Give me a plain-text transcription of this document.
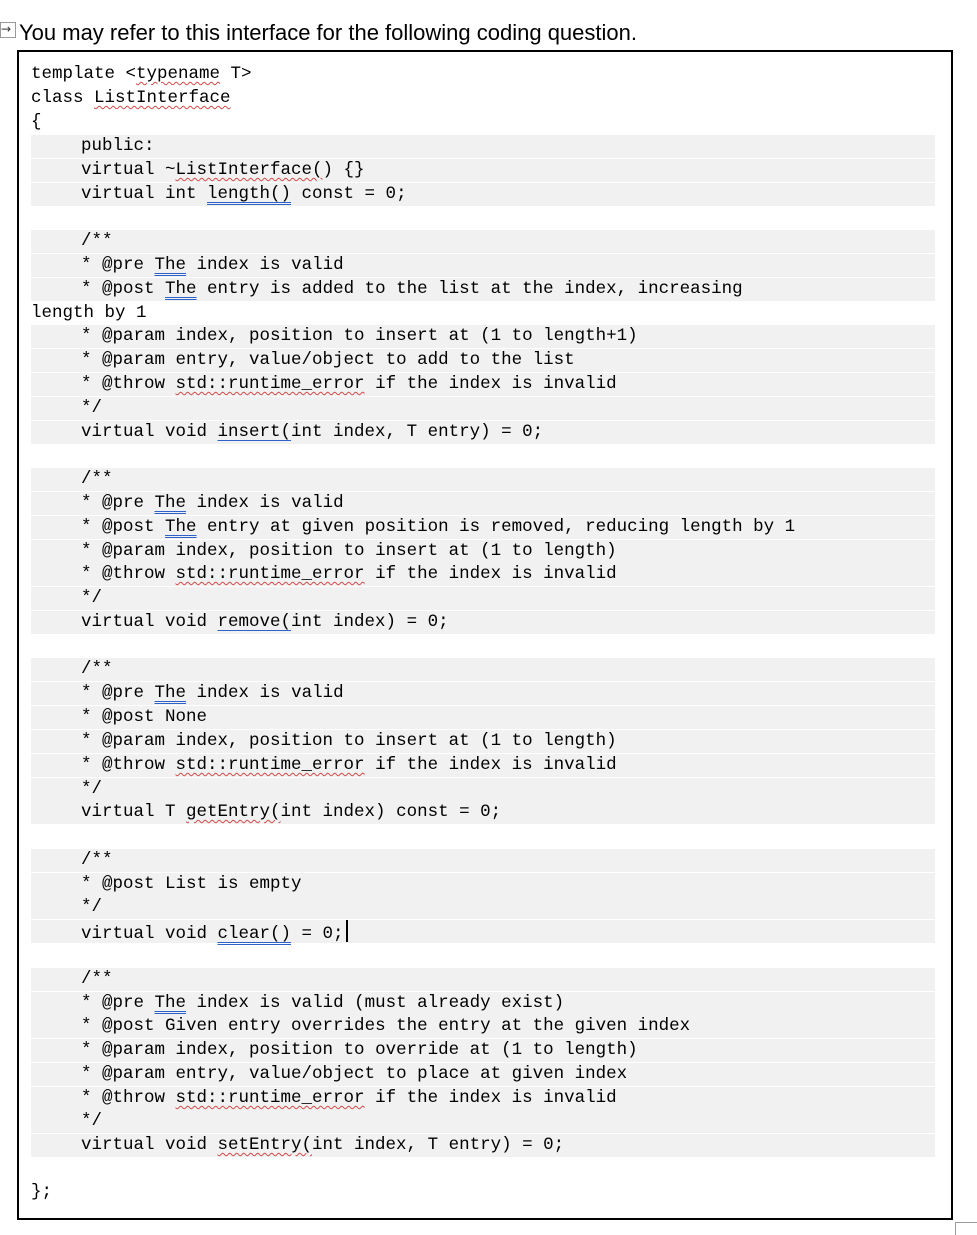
→ You may refer to this interface for the following coding question.
template <typename T>
class ListInterface
{
public:
virtual ~ListInterface() {}
virtual int length() const = 0;
/**
* @pre The index is valid
* @post The entry is added to the list at the index, increasing
length by 1
* @param index, position to insert at (1 to length+1)
* @param entry, value/object to add to the list
* @throw std::runtime_error if the index is invalid
*/
virtual void insert(int index, T entry) = 0;
/**
* @pre The index is valid
* @post The entry at given position is removed, reducing length by 1
* @param index, position to insert at (1 to length)
* @throw std::runtime_error if the index is invalid
*/
virtual void remove(int index) = 0;
/**
* @pre The index is valid
* @post None
* @param index, position to insert at (1 to length)
* @throw std::runtime_error if the index is invalid
*/
virtual T getEntry(int index) const = 0;
/**
* @post List is empty
*/
virtual void clear() = 0;
/**
* @pre The index is valid (must already exist)
* @post Given entry overrides the entry at the given index
* @param index, position to override at (1 to length)
* @param entry, value/object to place at given index
* @throw std::runtime_error if the index is invalid
*/
virtual void setEntry(int index, T entry) = 0;
};
